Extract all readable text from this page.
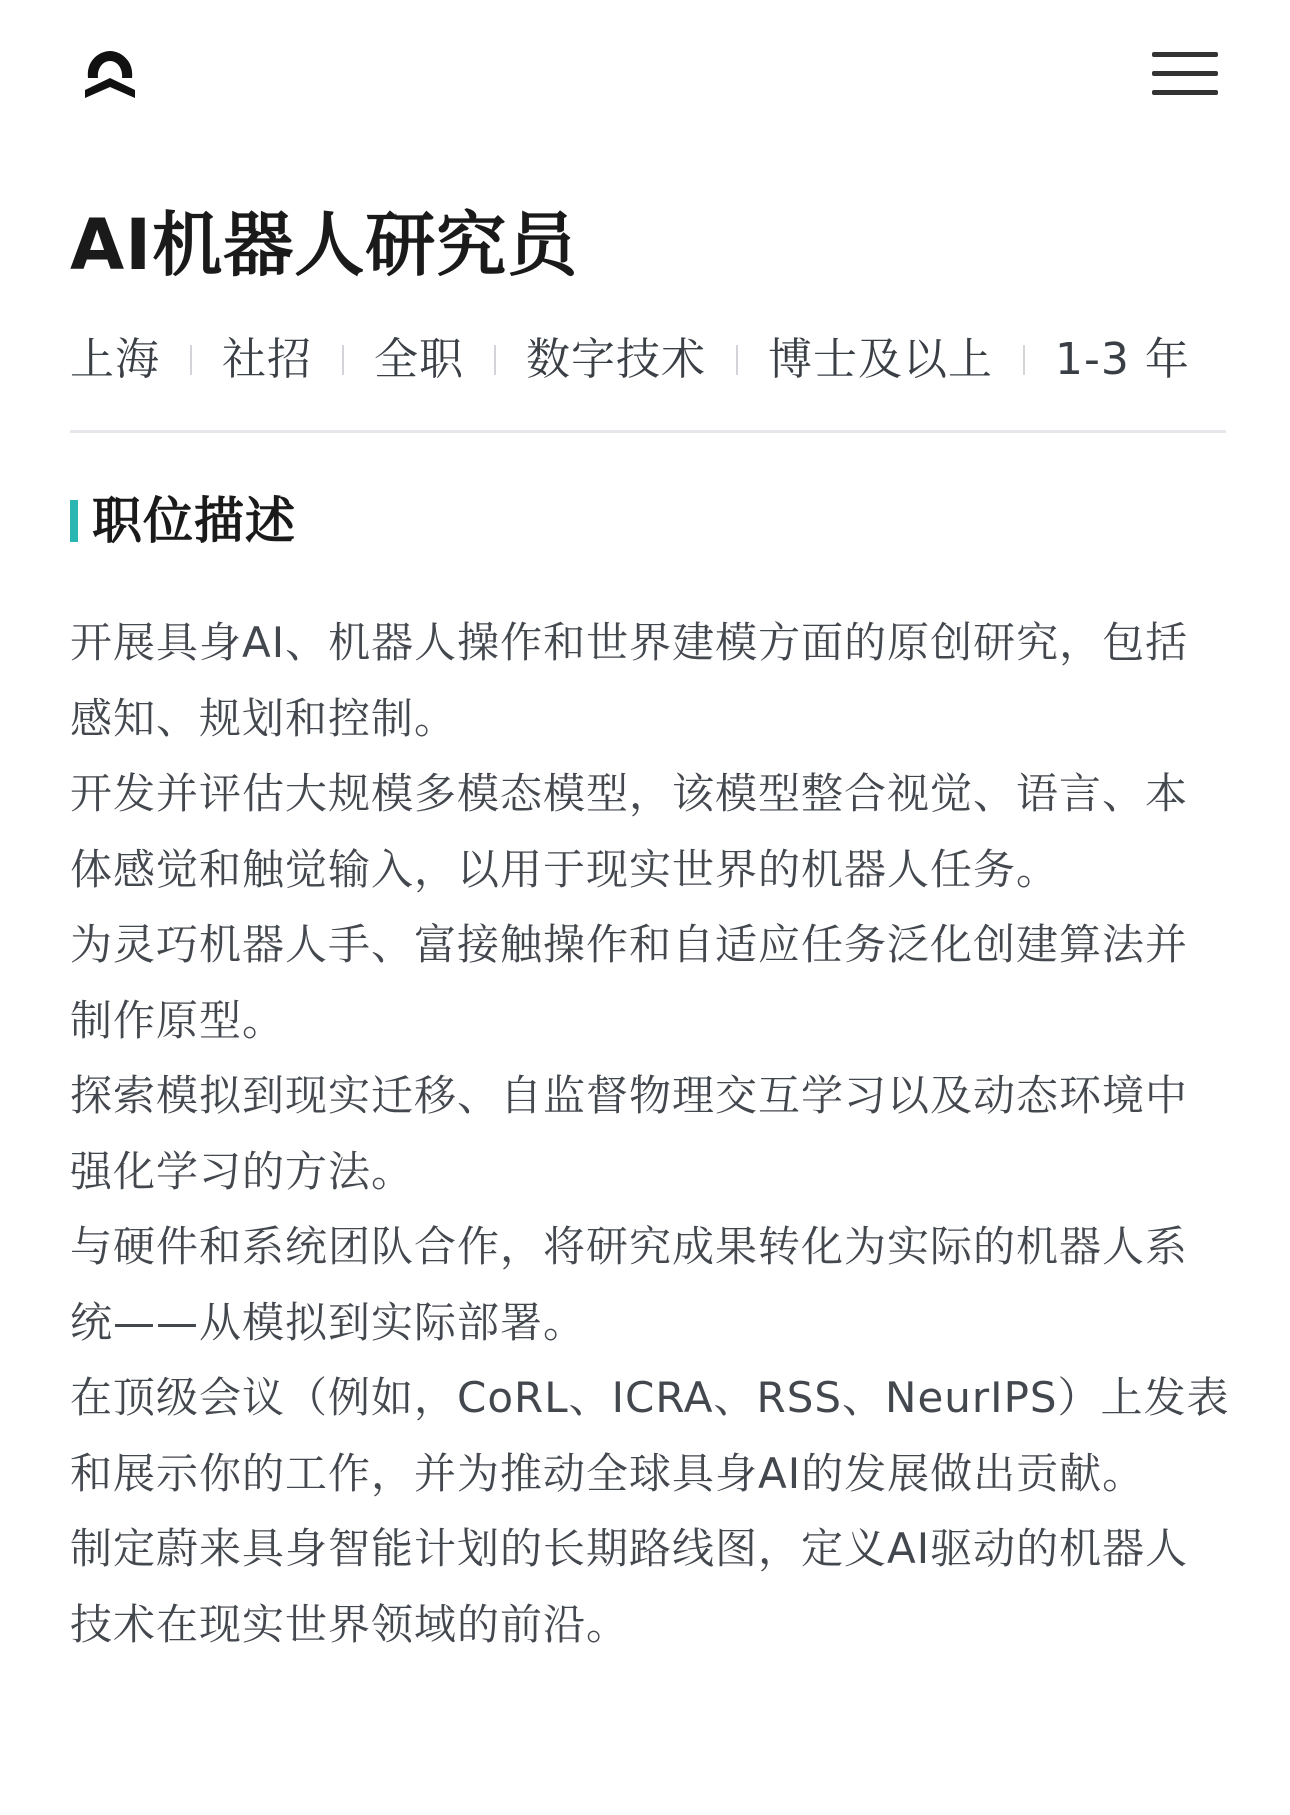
AI机器人研究员
上海 社招 全职 数字技术 博士及以上 1-3 年
职位描述

开展具身AI、机器人操作和世界建模方面的原创研究，包括感知、规划和控制。

开发并评估大规模多模态模型，该模型整合视觉、语言、本体感觉和触觉输入，以用于现实世界的机器人任务。

为灵巧机器人手、富接触操作和自适应任务泛化创建算法并制作原型。

探索模拟到现实迁移、自监督物理交互学习以及动态环境中强化学习的方法。

与硬件和系统团队合作，将研究成果转化为实际的机器人系统——从模拟到实际部署。

在顶级会议（例如，CoRL、ICRA、RSS、NeurIPS）上发表和展示你的工作，并为推动全球具身AI的发展做出贡献。

制定蔚来具身智能计划的长期路线图，定义AI驱动的机器人技术在现实世界领域的前沿。
